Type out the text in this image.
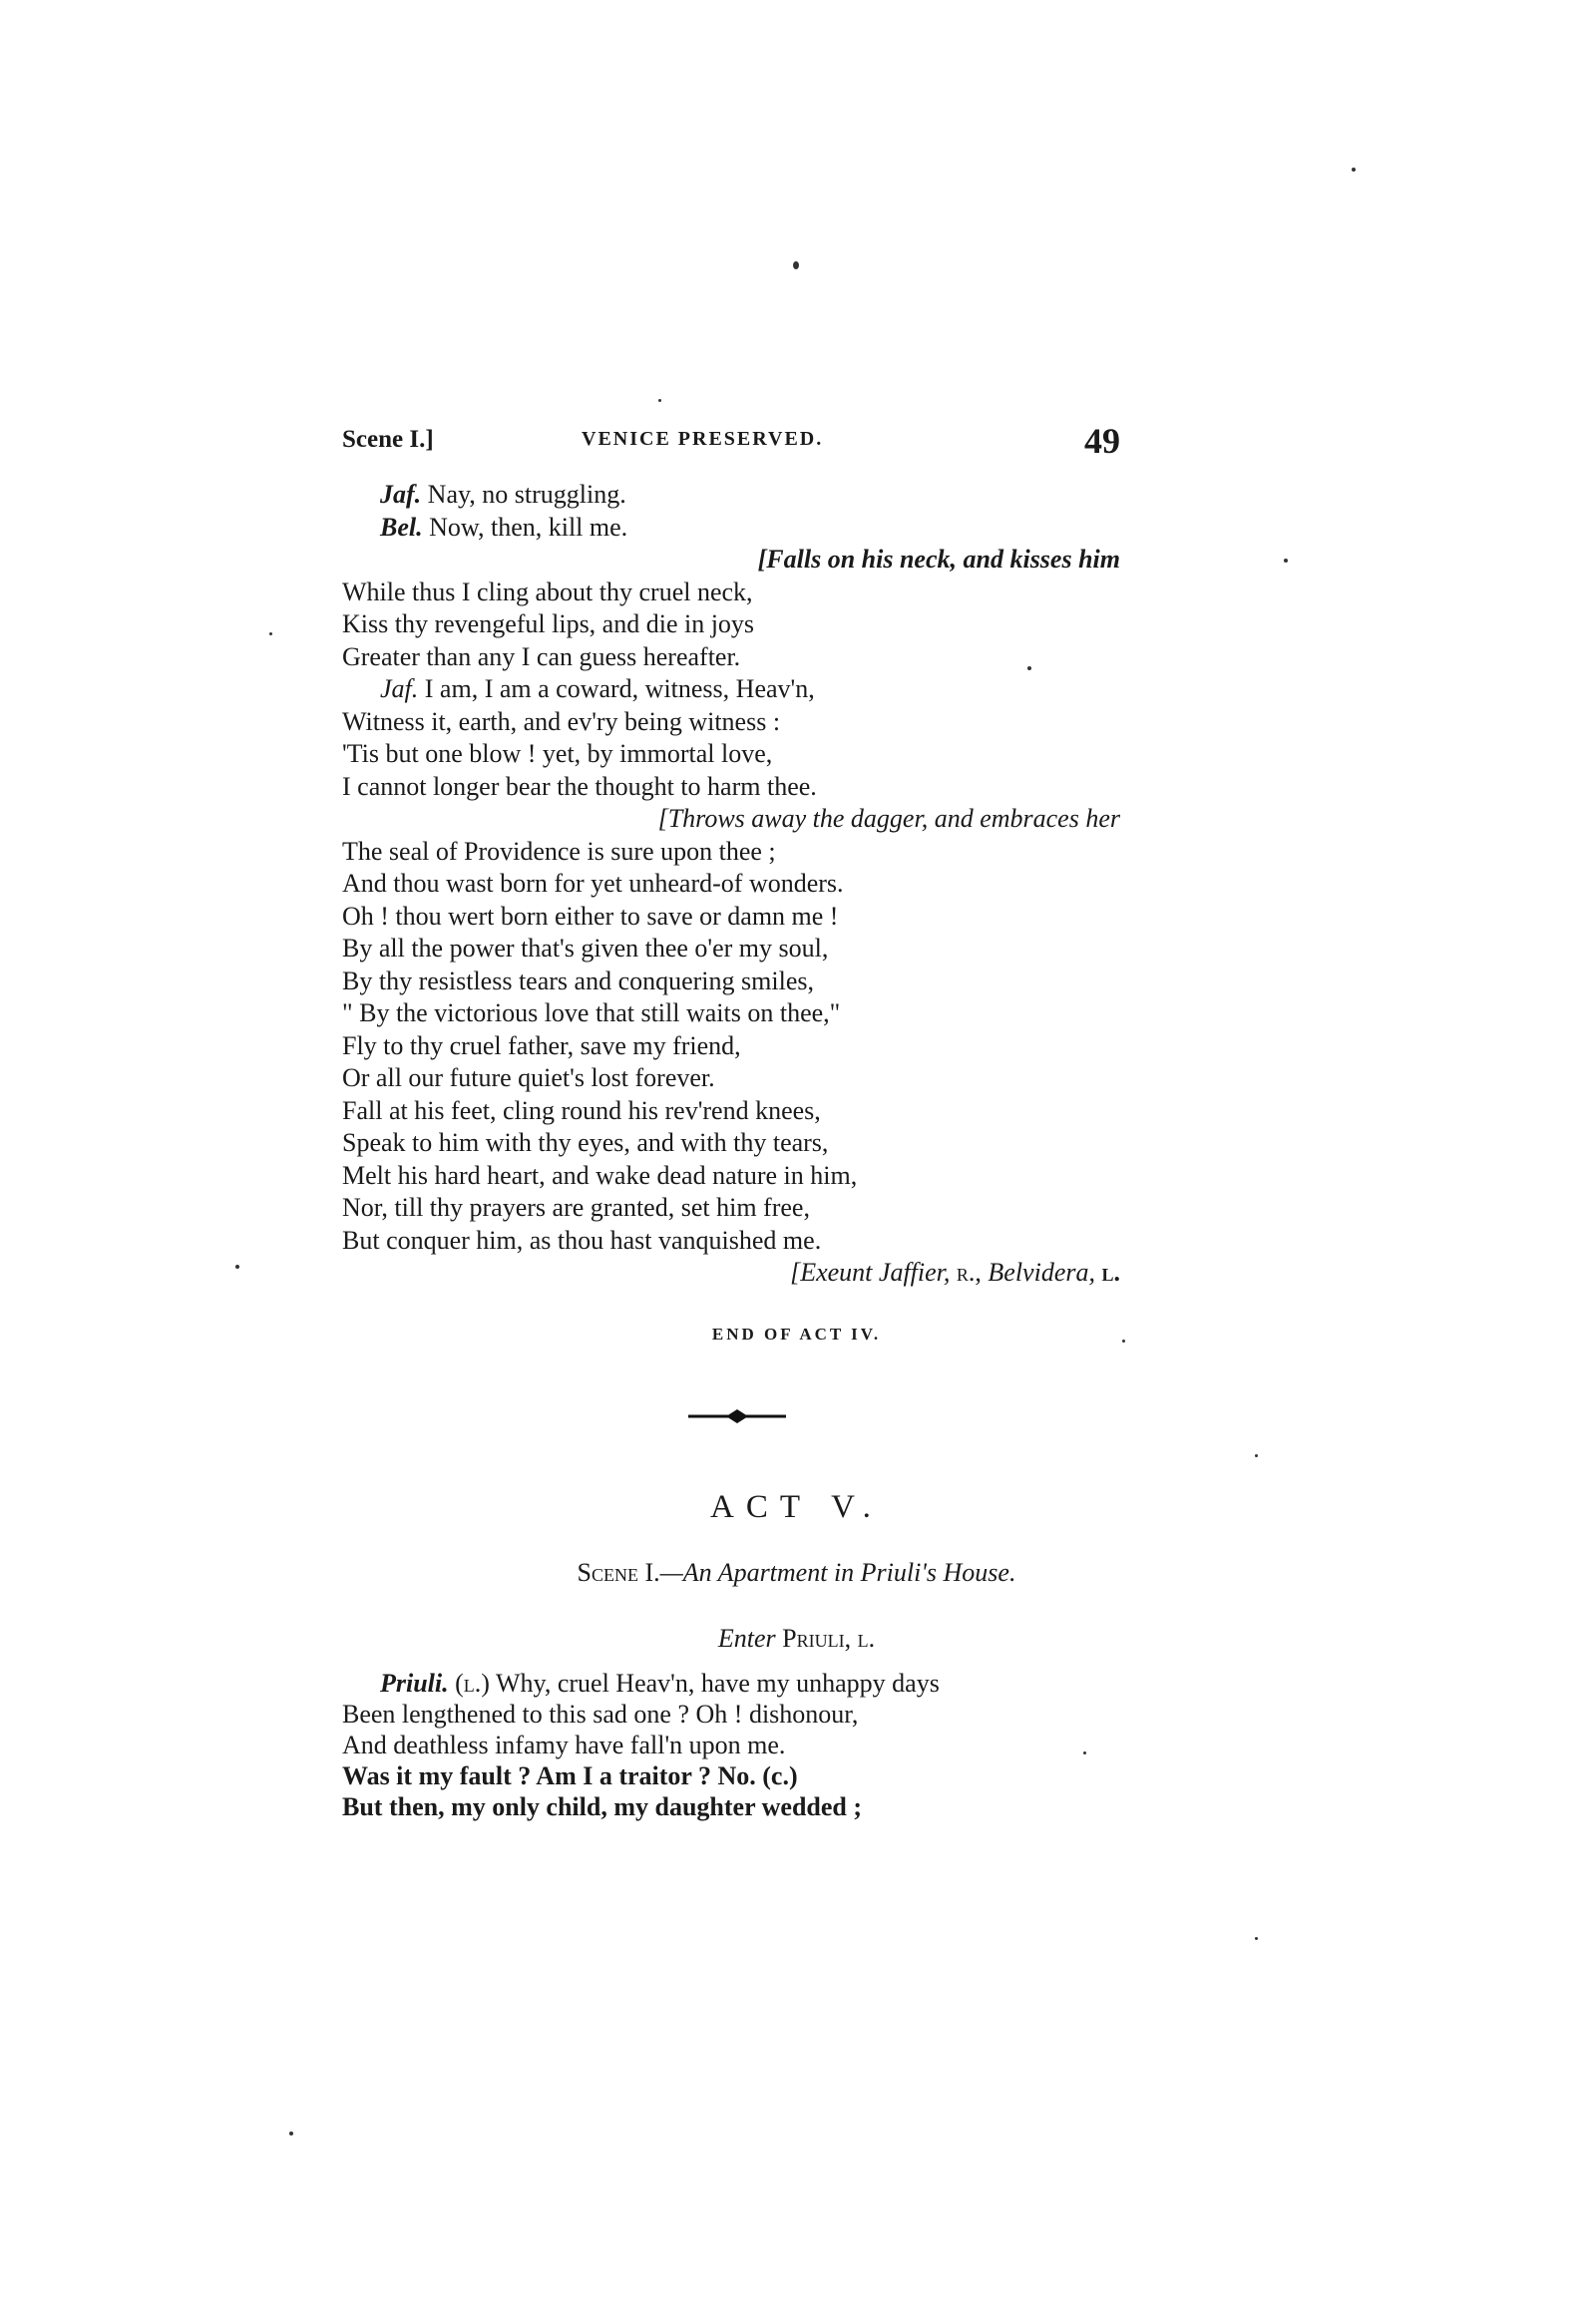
Scene I.]	VENICE PRESERVED.	49
Jaf. Nay, no struggling.
Bel. Now, then, kill me.
[Falls on his neck, and kisses him
While thus I cling about thy cruel neck,
Kiss thy revengeful lips, and die in joys
Greater than any I can guess hereafter.
Jaf. I am, I am a coward, witness, Heav'n,
Witness it, earth, and ev'ry being witness :
'Tis but one blow ! yet, by immortal love,
I cannot longer bear the thought to harm thee.
[Throws away the dagger, and embraces her
The seal of Providence is sure upon thee ;
And thou wast born for yet unheard-of wonders.
Oh ! thou wert born either to save or damn me !
By all the power that's given thee o'er my soul,
By thy resistless tears and conquering smiles,
" By the victorious love that still waits on thee,"
Fly to thy cruel father, save my friend,
Or all our future quiet's lost forever.
Fall at his feet, cling round his rev'rend knees,
Speak to him with thy eyes, and with thy tears,
Melt his hard heart, and wake dead nature in him,
Nor, till thy prayers are granted, set him free,
But conquer him, as thou hast vanquished me.
[Exeunt Jaffier, r., Belvidera, l.
END OF ACT IV.
ACT V.
Scene I.—An Apartment in Priuli's House.
Enter Priuli, l.
Priuli. (l.) Why, cruel Heav'n, have my unhappy days
Been lengthened to this sad one ? Oh ! dishonour,
And deathless infamy have fall'n upon me.
Was it my fault ? Am I a traitor ? No. (c.)
But then, my only child, my daughter wedded ;
